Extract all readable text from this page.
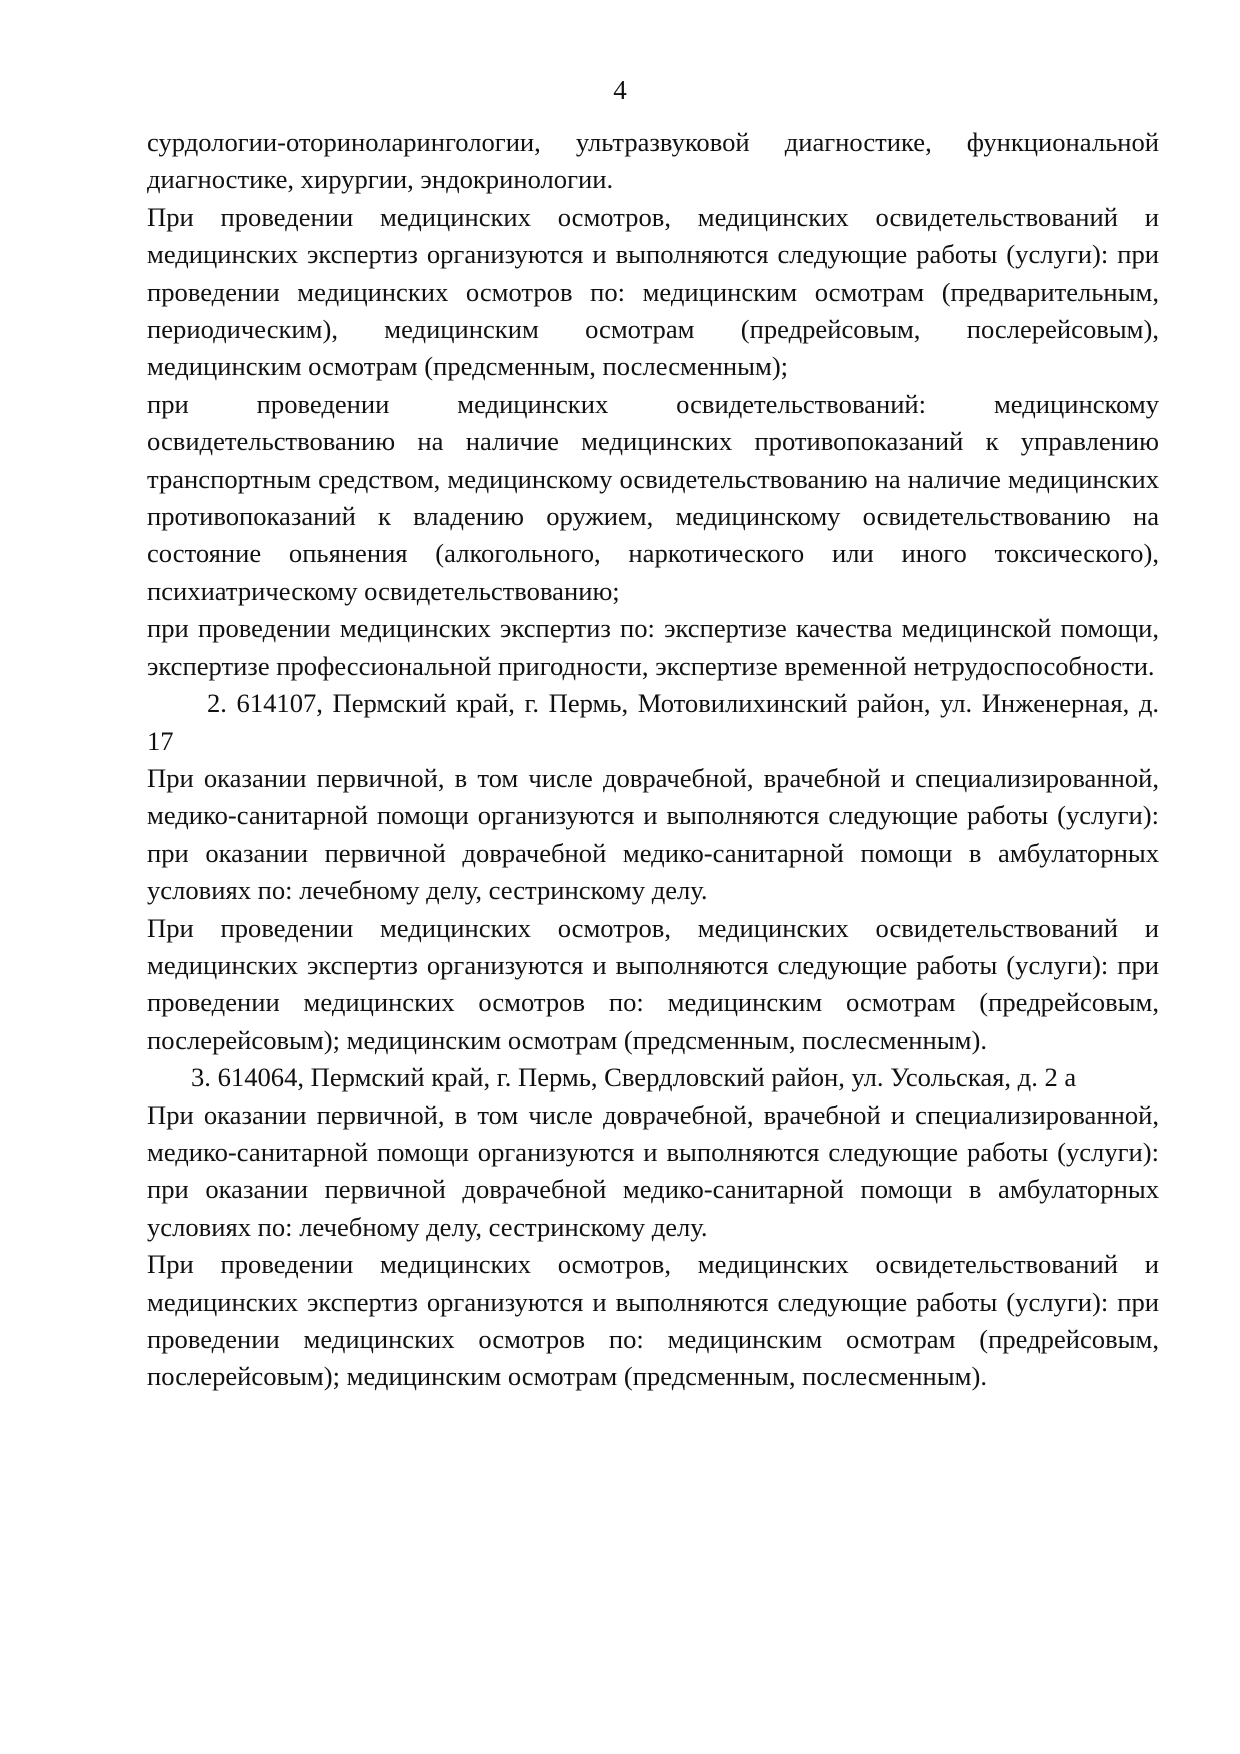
4

сурдологии-оториноларингологии, ультразвуковой диагностике, функциональной диагностике, хирургии, эндокринологии.

При проведении медицинских осмотров, медицинских освидетельствований и медицинских экспертиз организуются и выполняются следующие работы (услуги): при проведении медицинских осмотров по: медицинским осмотрам (предварительным, периодическим), медицинским осмотрам (предрейсовым, послерейсовым), медицинским осмотрам (предсменным, послесменным);

при проведении медицинских освидетельствований: медицинскому освидетельствованию на наличие медицинских противопоказаний к управлению транспортным средством, медицинскому освидетельствованию на наличие медицинских противопоказаний к владению оружием, медицинскому освидетельствованию на состояние опьянения (алкогольного, наркотического или иного токсического), психиатрическому освидетельствованию;

при проведении медицинских экспертиз по: экспертизе качества медицинской помощи, экспертизе профессиональной пригодности, экспертизе временной нетрудоспособности.

2. 614107, Пермский край, г. Пермь, Мотовилихинский район, ул. Инженерная, д. 17

При оказании первичной, в том числе доврачебной, врачебной и специализированной, медико-санитарной помощи организуются и выполняются следующие работы (услуги): при оказании первичной доврачебной медико-санитарной помощи в амбулаторных условиях по: лечебному делу, сестринскому делу.

При проведении медицинских осмотров, медицинских освидетельствований и медицинских экспертиз организуются и выполняются следующие работы (услуги): при проведении медицинских осмотров по: медицинским осмотрам (предрейсовым, послерейсовым); медицинским осмотрам (предсменным, послесменным).

3. 614064, Пермский край, г. Пермь, Свердловский район, ул. Усольская, д. 2 а

При оказании первичной, в том числе доврачебной, врачебной и специализированной, медико-санитарной помощи организуются и выполняются следующие работы (услуги): при оказании первичной доврачебной медико-санитарной помощи в амбулаторных условиях по: лечебному делу, сестринскому делу.

При проведении медицинских осмотров, медицинских освидетельствований и медицинских экспертиз организуются и выполняются следующие работы (услуги): при проведении медицинских осмотров по: медицинским осмотрам (предрейсовым, послерейсовым); медицинским осмотрам (предсменным, послесменным).
